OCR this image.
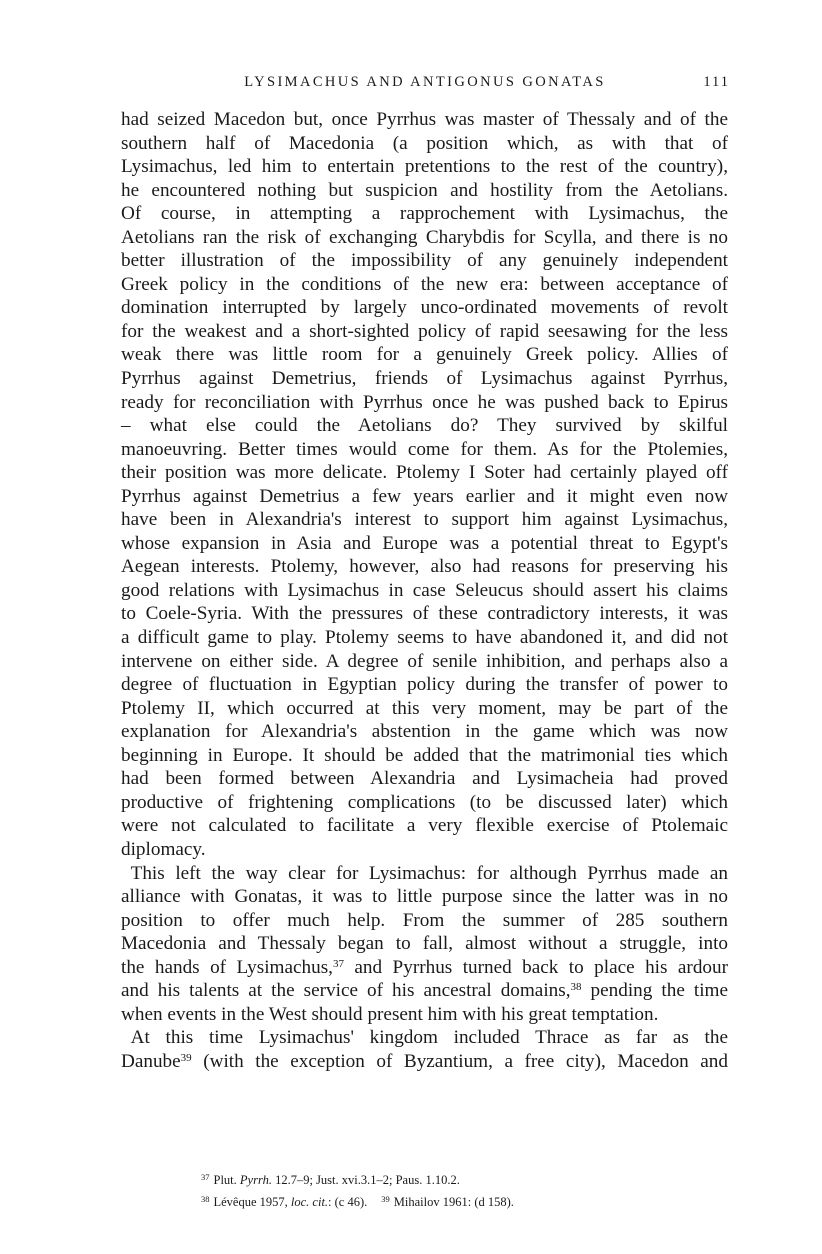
LYSIMACHUS AND ANTIGONUS GONATAS	111

had seized Macedon but, once Pyrrhus was master of Thessaly and of the
southern half of Macedonia (a position which, as with that of
Lysimachus, led him to entertain pretentions to the rest of the country),
he encountered nothing but suspicion and hostility from the Aetolians.
Of course, in attempting a rapprochement with Lysimachus, the
Aetolians ran the risk of exchanging Charybdis for Scylla, and there is no
better illustration of the impossibility of any genuinely independent
Greek policy in the conditions of the new era: between acceptance of
domination interrupted by largely unco-ordinated movements of revolt
for the weakest and a short-sighted policy of rapid seesawing for the less
weak there was little room for a genuinely Greek policy. Allies of
Pyrrhus against Demetrius, friends of Lysimachus against Pyrrhus,
ready for reconciliation with Pyrrhus once he was pushed back to Epirus
– what else could the Aetolians do? They survived by skilful
manoeuvring. Better times would come for them. As for the Ptolemies,
their position was more delicate. Ptolemy I Soter had certainly played off
Pyrrhus against Demetrius a few years earlier and it might even now
have been in Alexandria's interest to support him against Lysimachus,
whose expansion in Asia and Europe was a potential threat to Egypt's
Aegean interests. Ptolemy, however, also had reasons for preserving his
good relations with Lysimachus in case Seleucus should assert his claims
to Coele-Syria. With the pressures of these contradictory interests, it was
a difficult game to play. Ptolemy seems to have abandoned it, and did not
intervene on either side. A degree of senile inhibition, and perhaps also a
degree of fluctuation in Egyptian policy during the transfer of power to
Ptolemy II, which occurred at this very moment, may be part of the
explanation for Alexandria's abstention in the game which was now
beginning in Europe. It should be added that the matrimonial ties which
had been formed between Alexandria and Lysimacheia had proved
productive of frightening complications (to be discussed later) which
were not calculated to facilitate a very flexible exercise of Ptolemaic
diplomacy.

This left the way clear for Lysimachus: for although Pyrrhus made an
alliance with Gonatas, it was to little purpose since the latter was in no
position to offer much help. From the summer of 285 southern
Macedonia and Thessaly began to fall, almost without a struggle, into
the hands of Lysimachus,$^{37}$ and Pyrrhus turned back to place his ardour
and his talents at the service of his ancestral domains,$^{38}$ pending the time
when events in the West should present him with his great temptation.

At this time Lysimachus' kingdom included Thrace as far as the
Danube$^{39}$ (with the exception of Byzantium, a free city), Macedon and

$^{37}$ Plut. Pyrrh. 12.7–9; Just. xvi.3.1–2; Paus. 1.10.2.
$^{38}$ Lévêque 1957, loc. cit.: (c 46). $^{39}$ Mihailov 1961: (d 158).
